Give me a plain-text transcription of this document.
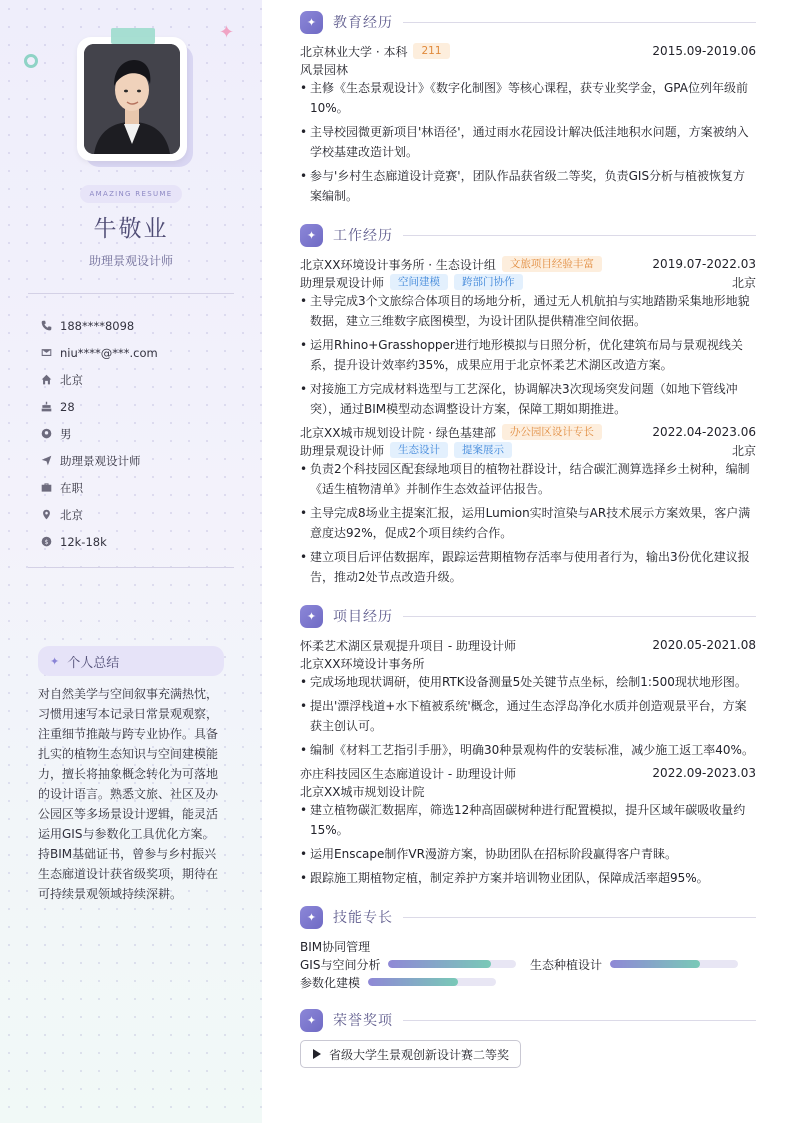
✦
AMAZING RESUME
牛敬业
助理景观设计师
188****8098
niu****@***.com
北京
28
男
助理景观设计师
在职
北京
$ 12k-18k
✦ 个人总结
对自然美学与空间叙事充满热忱，习惯用速写本记录日常景观观察，注重细节推敲与跨专业协作。具备扎实的植物生态知识与空间建模能力，擅长将抽象概念转化为可落地的设计语言。熟悉文旅、社区及办公园区等多场景设计逻辑，能灵活运用GIS与参数化工具优化方案。持BIM基础证书，曾参与乡村振兴生态廊道设计获省级奖项，期待在可持续景观领域持续深耕。
✦	教育经历
北京林业大学 · 本科	211	2015.09-2019.06
风景园林
• 主修《生态景观设计》《数字化制图》等核心课程，获专业奖学金，GPA位列年级前10%。
• 主导校园微更新项目'林语径'，通过雨水花园设计解决低洼地积水问题，方案被纳入学校基建改造计划。
• 参与'乡村生态廊道设计竞赛'，团队作品获省级二等奖，负责GIS分析与植被恢复方案编制。
✦	工作经历
北京XX环境设计事务所 · 生态设计组	文旅项目经验丰富	2019.07-2022.03
助理景观设计师	空间建模	跨部门协作	北京
• 主导完成3个文旅综合体项目的场地分析，通过无人机航拍与实地踏勘采集地形地貌数据，建立三维数字底图模型，为设计团队提供精准空间依据。
• 运用Rhino+Grasshopper进行地形模拟与日照分析，优化建筑布局与景观视线关系，提升设计效率约35%，成果应用于北京怀柔艺术湖区改造方案。
• 对接施工方完成材料选型与工艺深化，协调解决3次现场突发问题（如地下管线冲突），通过BIM模型动态调整设计方案，保障工期如期推进。
北京XX城市规划设计院 · 绿色基建部	办公园区设计专长	2022.04-2023.06
助理景观设计师	生态设计	提案展示	北京
• 负责2个科技园区配套绿地项目的植物社群设计，结合碳汇测算选择乡土树种，编制《适生植物清单》并制作生态效益评估报告。
• 主导完成8场业主提案汇报，运用Lumion实时渲染与AR技术展示方案效果，客户满意度达92%，促成2个项目续约合作。
• 建立项目后评估数据库，跟踪运营期植物存活率与使用者行为，输出3份优化建议报告，推动2处节点改造升级。
✦	项目经历
怀柔艺术湖区景观提升项目 - 助理设计师	2020.05-2021.08
北京XX环境设计事务所
• 完成场地现状调研，使用RTK设备测量5处关键节点坐标，绘制1:500现状地形图。
• 提出'漂浮栈道+水下植被系统'概念，通过生态浮岛净化水质并创造观景平台，方案获主创认可。
• 编制《材料工艺指引手册》，明确30种景观构件的安装标准，减少施工返工率40%。
亦庄科技园区生态廊道设计 - 助理设计师	2022.09-2023.03
北京XX城市规划设计院
• 建立植物碳汇数据库，筛选12种高固碳树种进行配置模拟，提升区域年碳吸收量约15%。
• 运用Enscape制作VR漫游方案，协助团队在招标阶段赢得客户青睐。
• 跟踪施工期植物定植，制定养护方案并培训物业团队，保障成活率超95%。
✦	技能专长
BIM协同管理
GIS与空间分析	生态种植设计
参数化建模
✦	荣誉奖项
省级大学生景观创新设计赛二等奖
